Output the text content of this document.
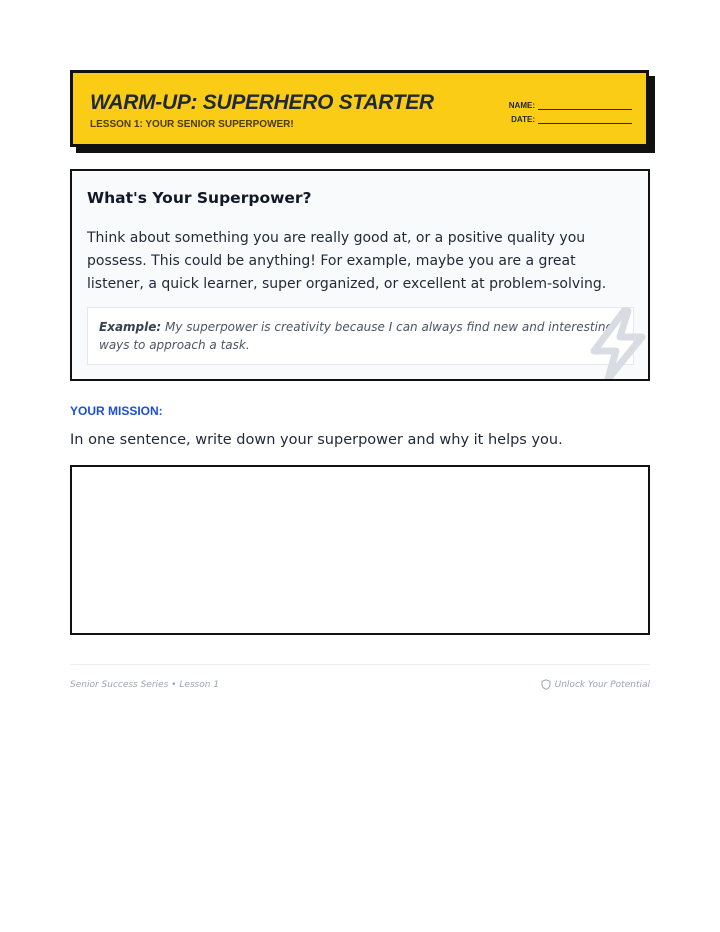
WARM-UP: SUPERHERO STARTER
LESSON 1: YOUR SENIOR SUPERPOWER!
NAME:
DATE:
What's Your Superpower?
Think about something you are really good at, or a positive quality you possess. This could be anything! For example, maybe you are a great listener, a quick learner, super organized, or excellent at problem-solving.
Example: My superpower is creativity because I can always find new and interesting ways to approach a task.
YOUR MISSION:
In one sentence, write down your superpower and why it helps you.
Senior Success Series • Lesson 1	Unlock Your Potential
